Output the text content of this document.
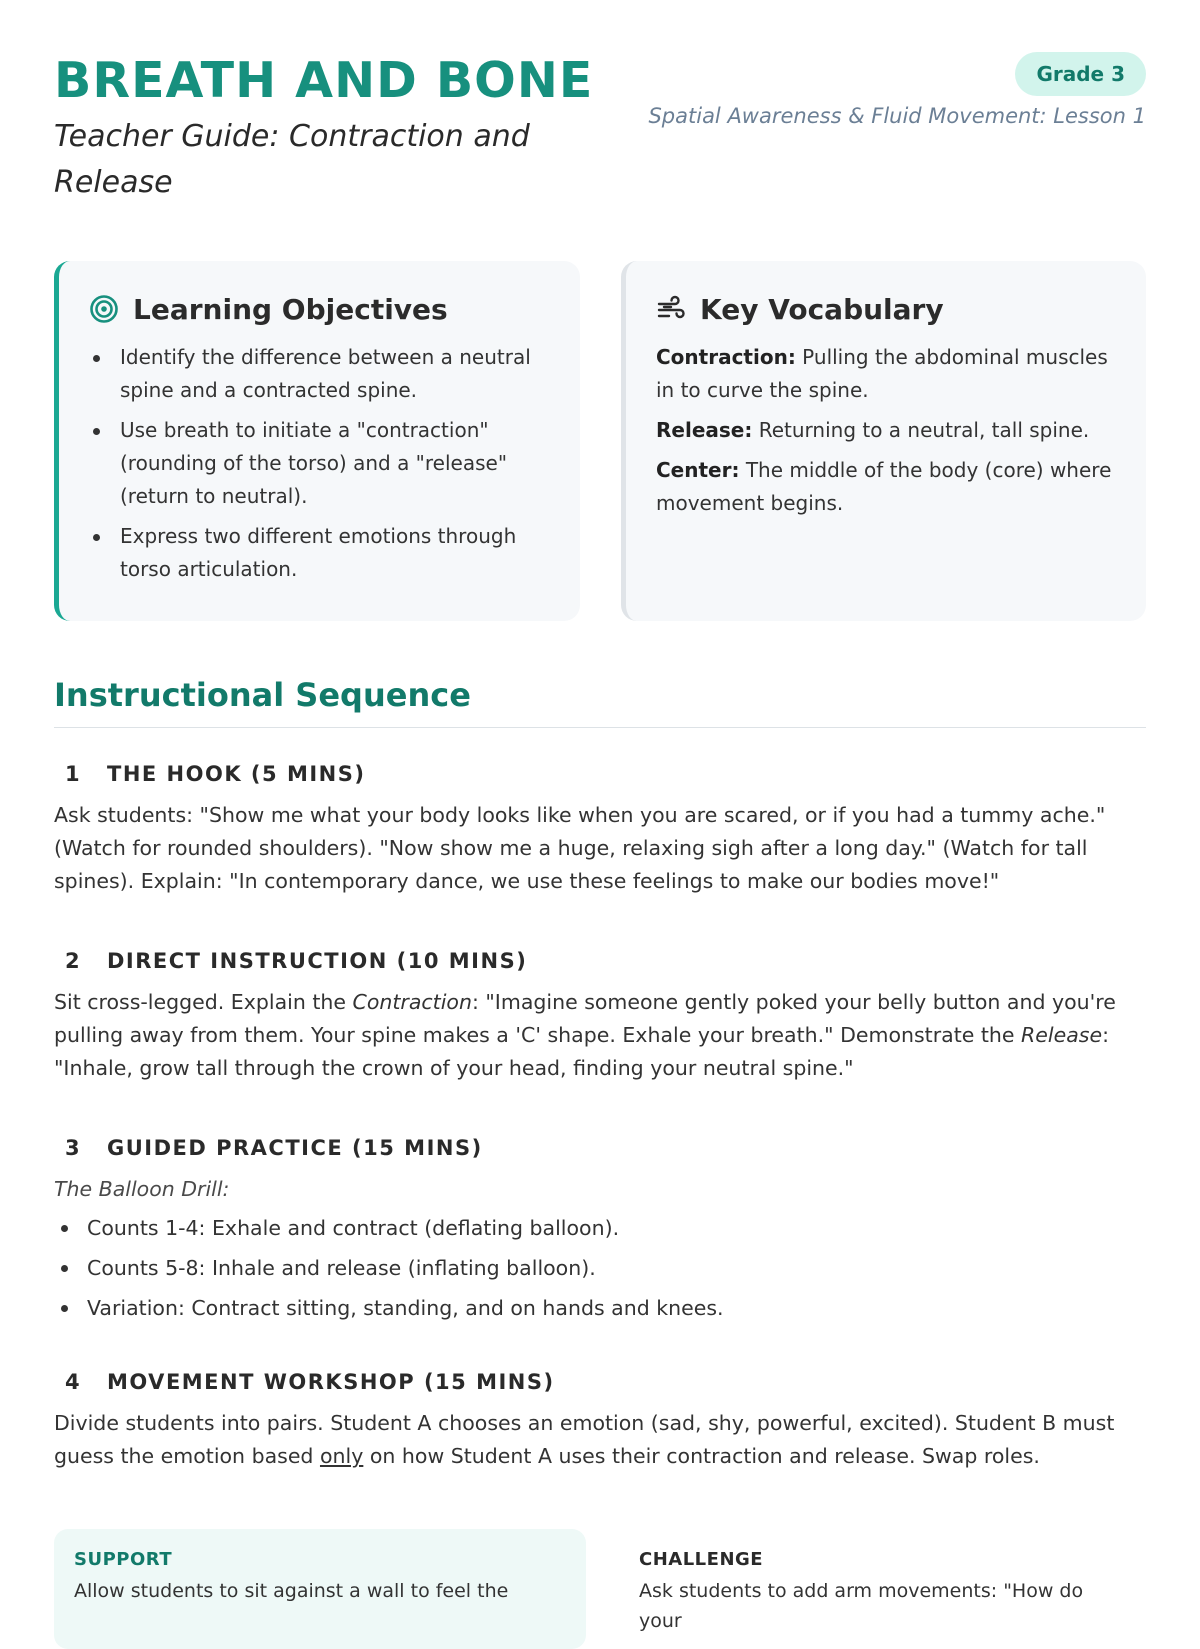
BREATH AND BONE

Teacher Guide: Contraction and Release

Grade 3
Spatial Awareness & Fluid Movement: Lesson 1
Learning Objectives
Identify the difference between a neutral spine and a contracted spine.
Use breath to initiate a "contraction" (rounding of the torso) and a "release" (return to neutral).
Express two different emotions through torso articulation.
Key Vocabulary
Contraction: Pulling the abdominal muscles in to curve the spine.
Release: Returning to a neutral, tall spine.
Center: The middle of the body (core) where movement begins.
Instructional Sequence
1 THE HOOK (5 MINS)

Ask students: "Show me what your body looks like when you are scared, or if you had a tummy ache." (Watch for rounded shoulders). "Now show me a huge, relaxing sigh after a long day." (Watch for tall spines). Explain: "In contemporary dance, we use these feelings to make our bodies move!"

2 DIRECT INSTRUCTION (10 MINS)

Sit cross-legged. Explain the Contraction: "Imagine someone gently poked your belly button and you're pulling away from them. Your spine makes a 'C' shape. Exhale your breath." Demonstrate the Release: "Inhale, grow tall through the crown of your head, finding your neutral spine."

3 GUIDED PRACTICE (15 MINS)

The Balloon Drill:

Counts 1-4: Exhale and contract (deflating balloon).
Counts 5-8: Inhale and release (inflating balloon).
Variation: Contract sitting, standing, and on hands and knees.
4 MOVEMENT WORKSHOP (15 MINS)

Divide students into pairs. Student A chooses an emotion (sad, shy, powerful, excited). Student B must guess the emotion based only on how Student A uses their contraction and release. Swap roles.

SUPPORT
Allow students to sit against a wall to feel the
CHALLENGE
Ask students to add arm movements: "How do your
